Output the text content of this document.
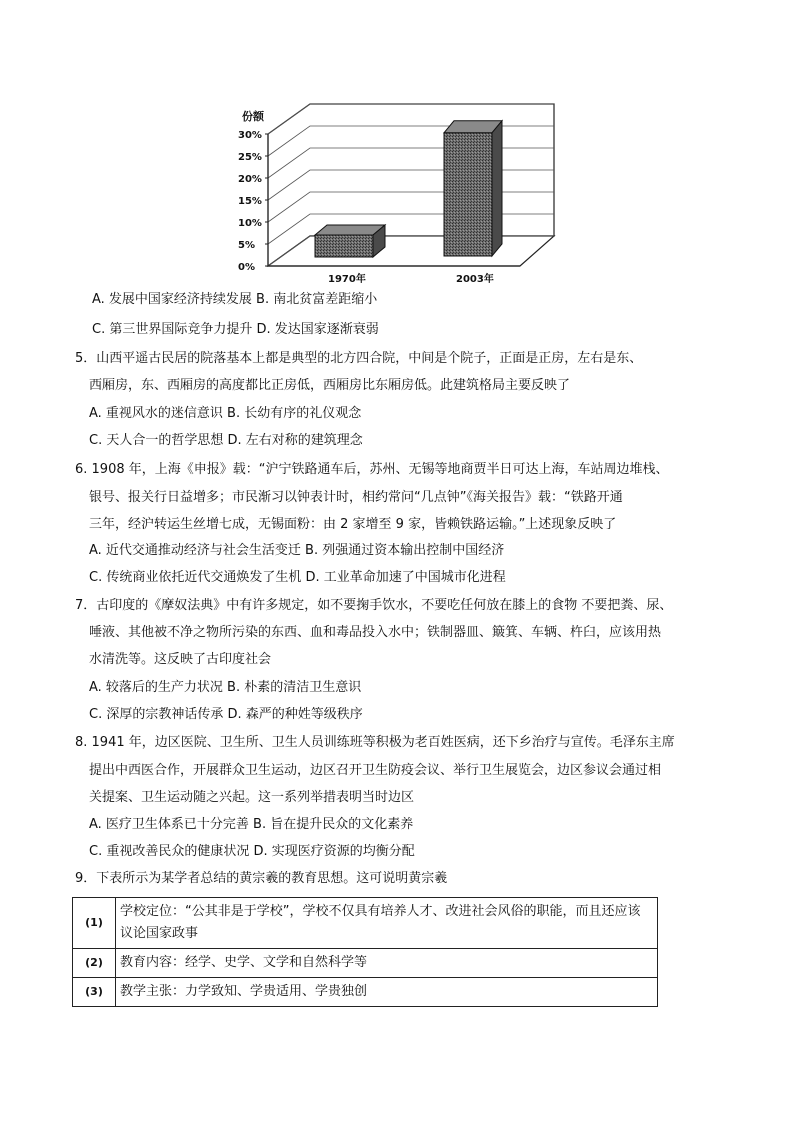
0%
5%
10%
15%
20%
25%
30%
份额
1970年	2003年
A. 发展中国家经济持续发展 B. 南北贫富差距缩小
C. 第三世界国际竞争力提升 D. 发达国家逐渐衰弱
5．山西平遥古民居的院落基本上都是典型的北方四合院，中间是个院子，正面是正房，左右是东、
西厢房，东、西厢房的高度都比正房低，西厢房比东厢房低。此建筑格局主要反映了
A. 重视风水的迷信意识 B. 长幼有序的礼仪观念
C. 天人合一的哲学思想 D. 左右对称的建筑理念
6. 1908 年，上海《申报》载：“沪宁铁路通车后，苏州、无锡等地商贾半日可达上海，车站周边堆栈、
银号、报关行日益增多；市民渐习以钟表计时，相约常问“几点钟”《海关报告》载：“铁路开通
三年，经沪转运生丝增七成，无锡面粉：由 2 家增至 9 家，皆赖铁路运输。”上述现象反映了
A. 近代交通推动经济与社会生活变迁 B. 列强通过资本输出控制中国经济
C. 传统商业依托近代交通焕发了生机 D. 工业革命加速了中国城市化进程
7．古印度的《摩奴法典》中有许多规定，如不要掬手饮水，不要吃任何放在膝上的食物 不要把粪、尿、
唾液、其他被不净之物所污染的东西、血和毒品投入水中；铁制器皿、簸箕、车辆、杵臼，应该用热
水清洗等。这反映了古印度社会
A. 较落后的生产力状况 B. 朴素的清洁卫生意识
C. 深厚的宗教神话传承 D. 森严的种姓等级秩序
8. 1941 年，边区医院、卫生所、卫生人员训练班等积极为老百姓医病，还下乡治疗与宣传。毛泽东主席
提出中西医合作，开展群众卫生运动，边区召开卫生防疫会议、举行卫生展览会，边区参议会通过相
关提案、卫生运动随之兴起。这一系列举措表明当时边区
A. 医疗卫生体系已十分完善 B. 旨在提升民众的文化素养
C. 重视改善民众的健康状况 D. 实现医疗资源的均衡分配
9．下表所示为某学者总结的黄宗羲的教育思想。这可说明黄宗羲
(1)	学校定位：“公其非是于学校”，学校不仅具有培养人才、改进社会风俗的职能，而且还应该议论国家政事
(2)	教育内容：经学、史学、文学和自然科学等
(3)	教学主张：力学致知、学贵适用、学贵独创
